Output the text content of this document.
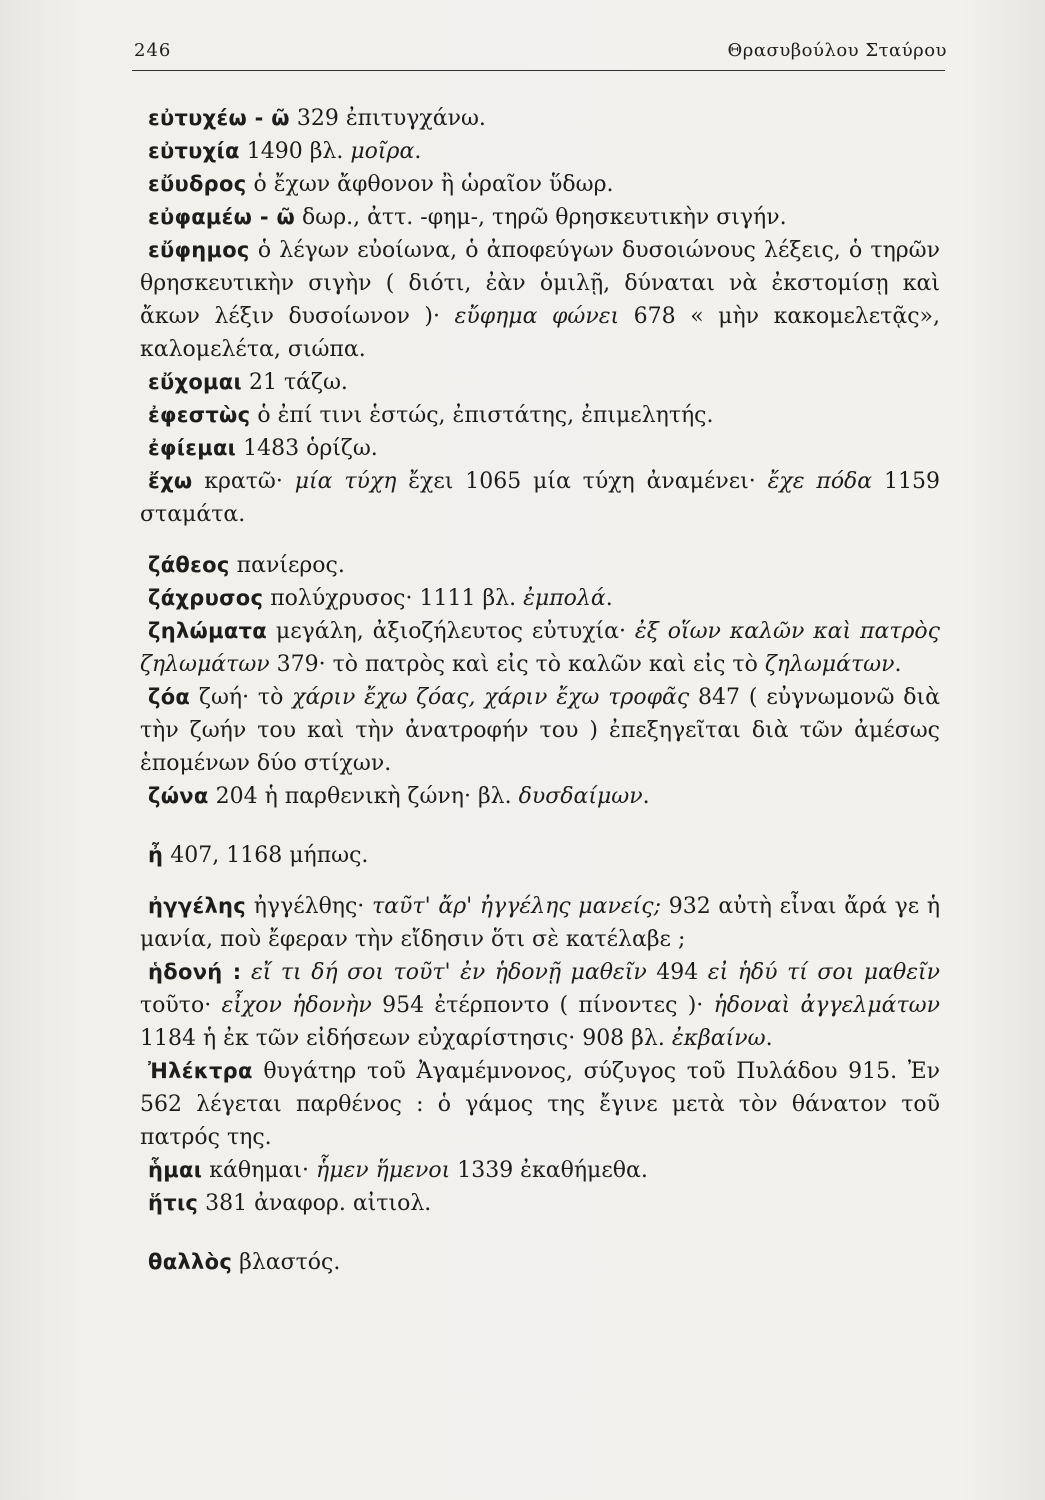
246	Θρασυβούλου Σταύρου

εὐτυχέω - ῶ 329 ἐπιτυγχάνω.

εὐτυχία 1490 βλ. μοῖρα.

εὔυδρος ὁ ἔχων ἄφθονον ἢ ὡραῖον ὕδωρ.

εὐφαμέω - ῶ δωρ., ἀττ. -φημ-, τηρῶ θρησκευτικὴν σιγήν.

εὔφημος ὁ λέγων εὐοίωνα, ὁ ἀποφεύγων δυσοιώνους λέξεις, ὁ τηρῶν θρησκευτικὴν σιγὴν ( διότι, ἐὰν ὁμιλῇ, δύναται νὰ ἐκστομίσῃ καὶ ἄκων λέξιν δυσοίωνον )· εὔφημα φώνει 678 « μὴν κακομελετᾷς», καλομελέτα, σιώπα.

εὔχομαι 21 τάζω.

ἐφεστὼς ὁ ἐπί τινι ἑστώς, ἐπιστάτης, ἐπιμελητής.

ἐφίεμαι 1483 ὁρίζω.

ἔχω κρατῶ· μία τύχη ἔχει 1065 μία τύχη ἀναμένει· ἔχε πόδα 1159 σταμάτα.

ζάθεος πανίερος.

ζάχρυσος πολύχρυσος· 1111 βλ. ἐμπολά.

ζηλώματα μεγάλη, ἀξιοζήλευτος εὐτυχία· ἐξ οἵων καλῶν καὶ πατρὸς ζηλωμάτων 379· τὸ πατρὸς καὶ εἰς τὸ καλῶν καὶ εἰς τὸ ζηλωμάτων.

ζόα ζωή· τὸ χάριν ἔχω ζόας, χάριν ἔχω τροφᾶς 847 ( εὐγνωμονῶ διὰ τὴν ζωήν του καὶ τὴν ἀνατροφήν του ) ἐπεξηγεῖται διὰ τῶν ἀμέσως ἑπομένων δύο στίχων.

ζώνα 204 ἡ παρθενικὴ ζώνη· βλ. δυσδαίμων.

ἦ 407, 1168 μήπως.

ἠγγέλης ἠγγέλθης· ταῦτ' ἄρ' ἠγγέλης μανείς; 932 αὐτὴ εἶναι ἄρά γε ἡ μανία, ποὺ ἔφεραν τὴν εἴδησιν ὅτι σὲ κατέλαβε ;

ἡδονή : εἴ τι δή σοι τοῦτ' ἐν ἡδονῇ μαθεῖν 494 εἰ ἡδύ τί σοι μαθεῖν τοῦτο· εἶχον ἡδονὴν 954 ἐτέρποντο ( πίνοντες )· ἡδοναὶ ἀγγελμάτων 1184 ἡ ἐκ τῶν εἰδήσεων εὐχαρίστησις· 908 βλ. ἐκβαίνω.

Ἠλέκτρα θυγάτηρ τοῦ Ἀγαμέμνονος, σύζυγος τοῦ Πυλάδου 915. Ἐν 562 λέγεται παρθένος : ὁ γάμος της ἔγινε μετὰ τὸν θάνατον τοῦ πατρός της.

ἧμαι κάθημαι· ἧμεν ἥμενοι 1339 ἐκαθήμεθα.

ἥτις 381 ἀναφορ. αἰτιολ.

θαλλὸς βλαστός.
